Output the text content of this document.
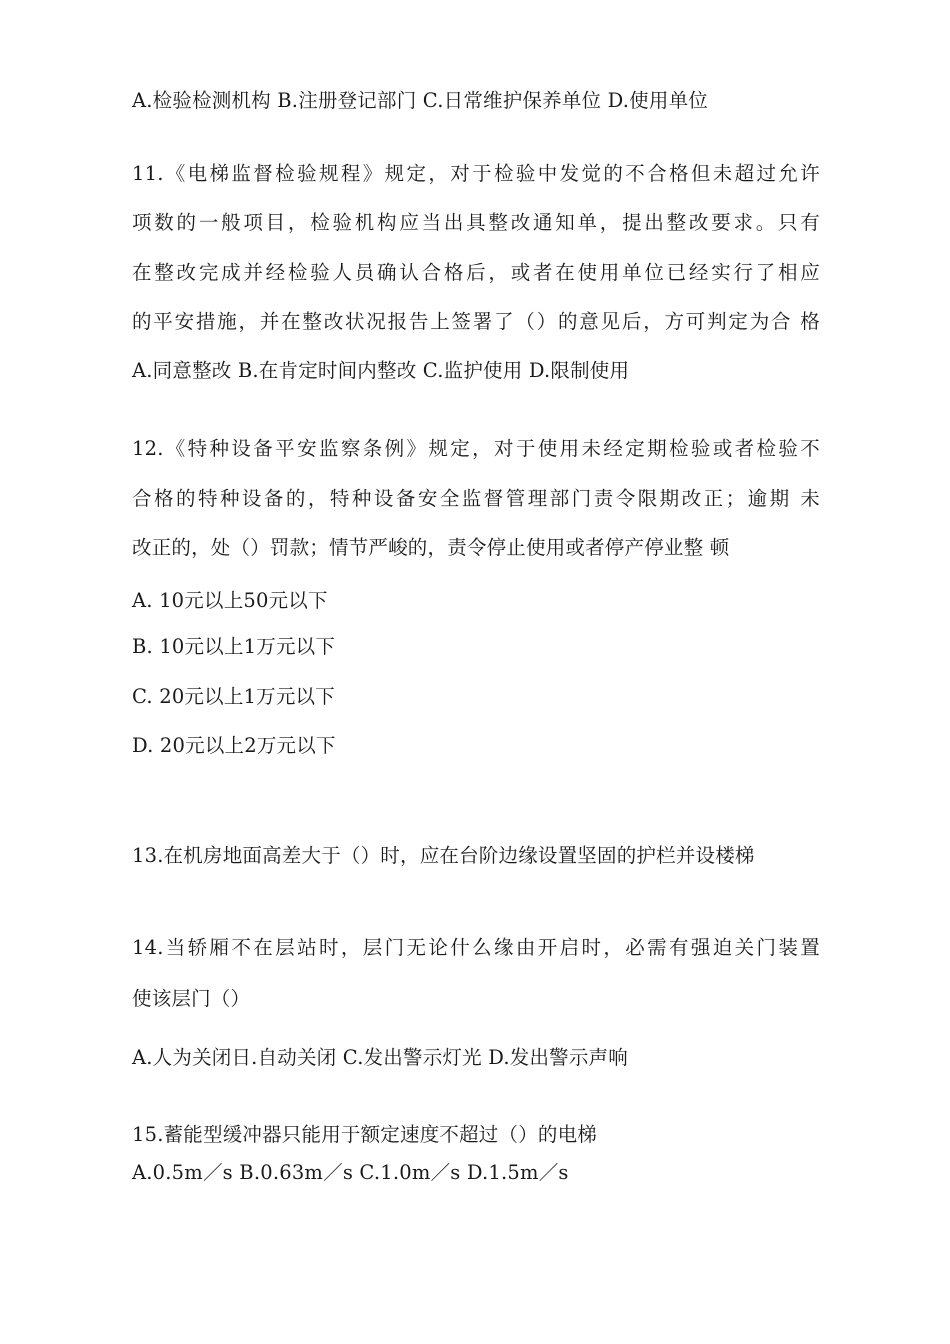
A.检验检测机构 B.注册登记部门 C.日常维护保养单位 D.使用单位
11.《电梯监督检验规程》规定，对于检验中发觉的不合格但未超过允许
项数的一般项目，检验机构应当出具整改通知单，提出整改要求。只有
在整改完成并经检验人员确认合格后，或者在使用单位已经实行了相应
的平安措施，并在整改状况报告上签署了（）的意见后，方可判定为合 格
A.同意整改 B.在肯定时间内整改 C.监护使用 D.限制使用
12.《特种设备平安监察条例》规定，对于使用未经定期检验或者检验不
合格的特种设备的，特种设备安全监督管理部门责令限期改正；逾期 未
改正的，处（）罚款；情节严峻的，责令停止使用或者停产停业整 顿
A. 10元以上50元以下
B. 10元以上1万元以下
C. 20元以上1万元以下
D. 20元以上2万元以下
13.在机房地面高差大于（）时，应在台阶边缘设置坚固的护栏并设楼梯
14.当轿厢不在层站时，层门无论什么缘由开启时，必需有强迫关门装置
使该层门（）
A.人为关闭日.自动关闭 C.发出警示灯光 D.发出警示声响
15.蓄能型缓冲器只能用于额定速度不超过（）的电梯
A.0.5m／s B.0.63m／s C.1.0m／s D.1.5m／s
